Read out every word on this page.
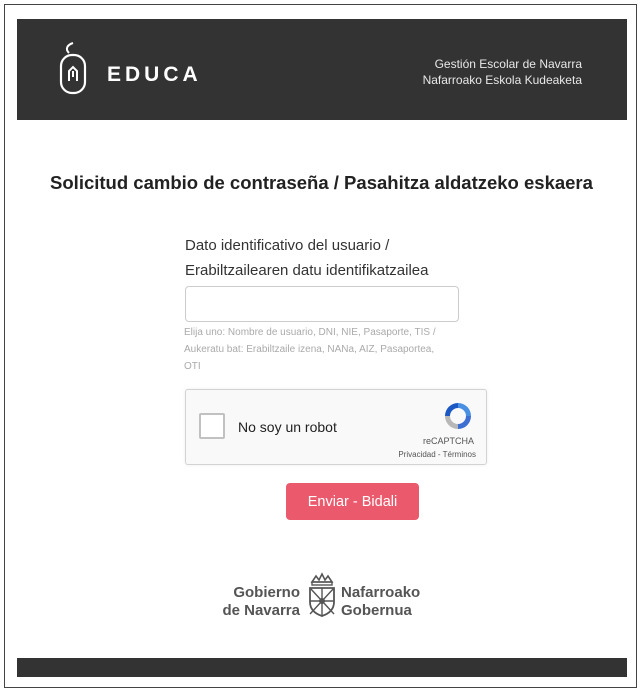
EDUCA	Gestión Escolar de Navarra
Nafarroako Eskola Kudeaketa
Solicitud cambio de contraseña / Pasahitza aldatzeko eskaera
Dato identificativo del usuario /
Erabiltzailearen datu identifikatzailea
Elija uno: Nombre de usuario, DNI, NIE, Pasaporte, TIS /
Aukeratu bat: Erabiltzaile izena, NANa, AIZ, Pasaportea,
OTI
No soy un robot
reCAPTCHA
Privacidad - Términos
Enviar - Bidali
Gobierno
de Navarra
Nafarroako
Gobernua
